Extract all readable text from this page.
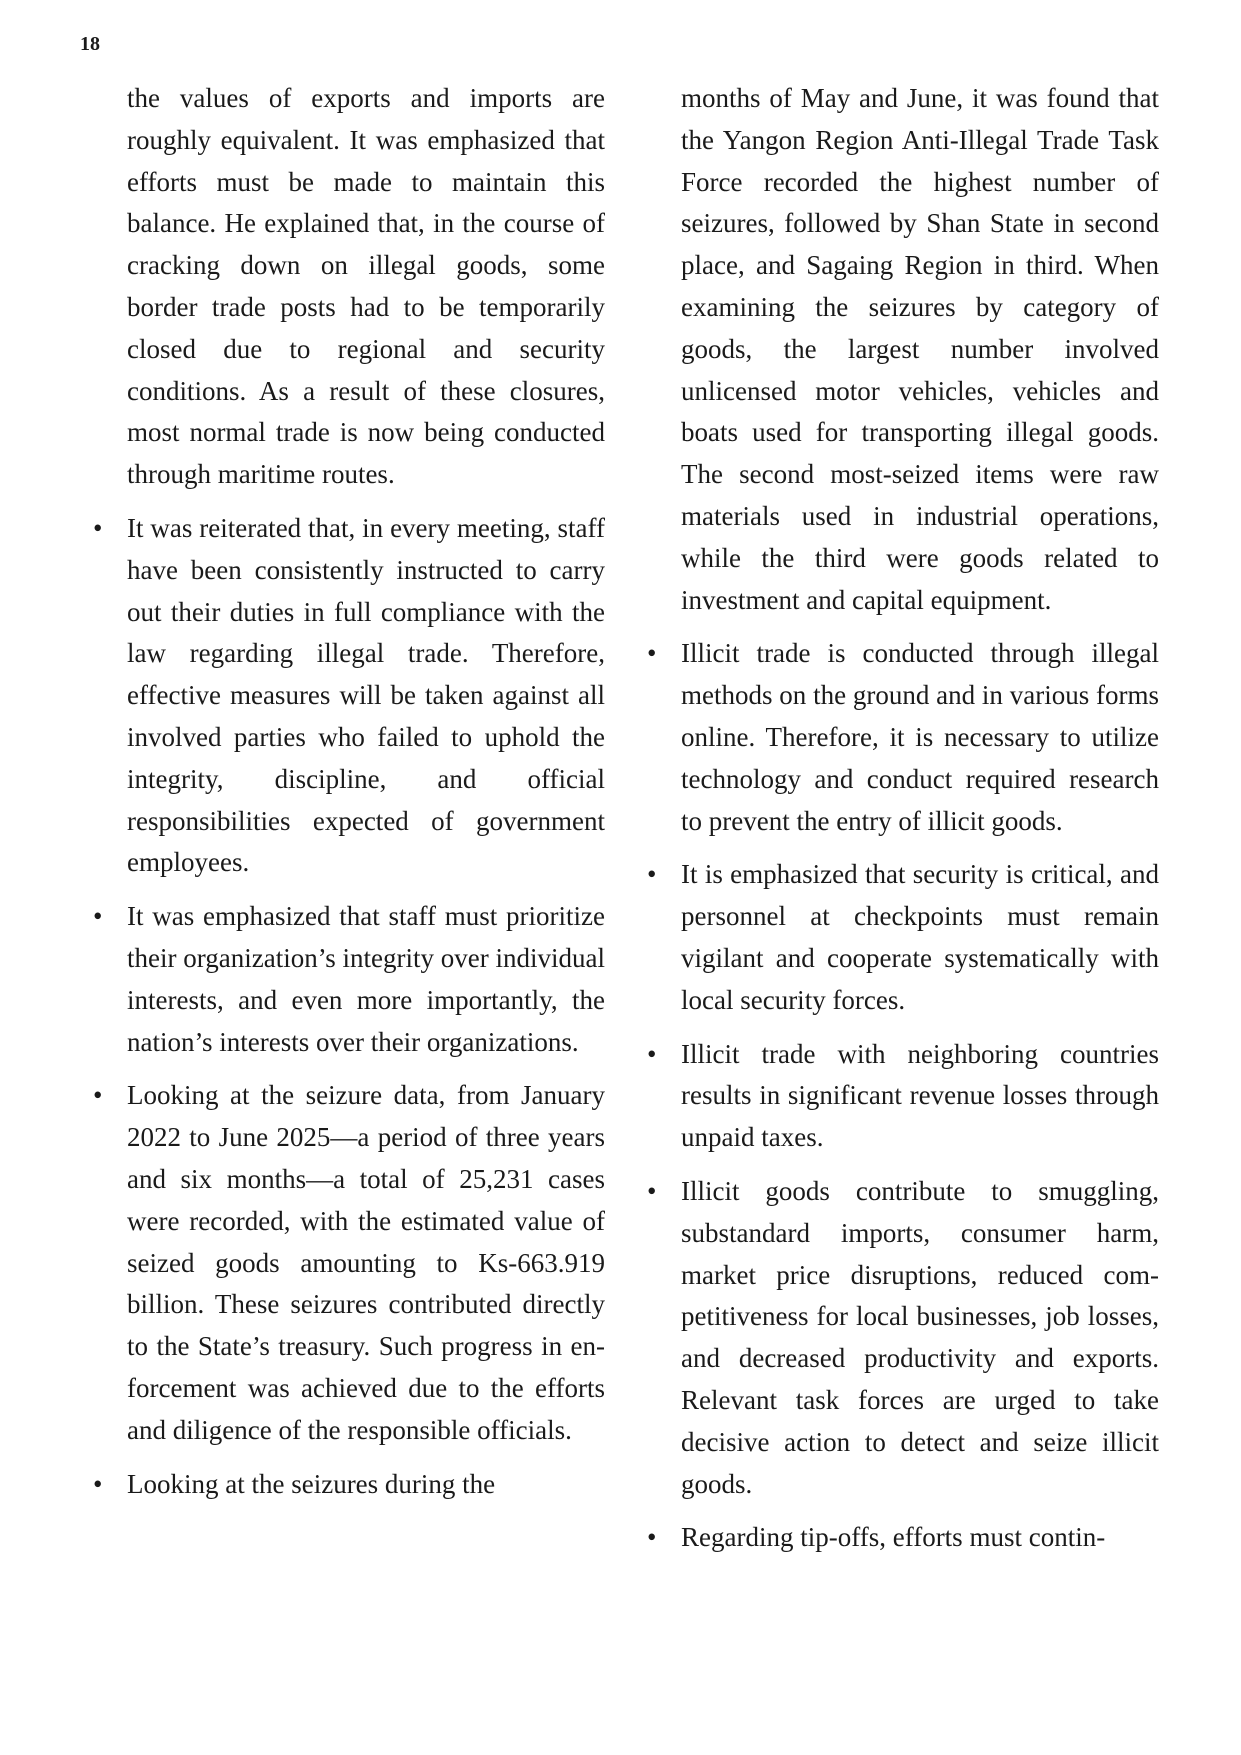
18

the values of exports and imports are roughly equivalent. It was emphasized that efforts must be made to maintain this balance. He explained that, in the course of cracking down on illegal goods, some border trade posts had to be temporarily closed due to regional and security conditions. As a result of these closures, most normal trade is now being conducted through maritime routes.

• It was reiterated that, in every meeting, staff have been consistently instructed to carry out their duties in full compliance with the law regarding illegal trade. Therefore, effective measures will be taken against all involved parties who failed to uphold the integrity, discipline, and official responsibilities expected of government employees.

• It was emphasized that staff must prioritize their organization’s integrity over individual interests, and even more importantly, the nation’s interests over their organizations.

• Looking at the seizure data, from January 2022 to June 2025—a period of three years and six months—a total of 25,231 cases were recorded, with the estimated value of seized goods amounting to Ks-663.919 billion. These seizures contributed directly to the State’s treasury. Such progress in enforcement was achieved due to the efforts and diligence of the responsible officials.

• Looking at the seizures during the

months of May and June, it was found that the Yangon Region Anti-Illegal Trade Task Force recorded the highest number of seizures, followed by Shan State in second place, and Sagaing Region in third. When examining the seizures by category of goods, the largest number involved unlicensed motor vehicles, vehicles and boats used for transporting illegal goods. The second most-seized items were raw materials used in industrial operations, while the third were goods related to investment and capital equipment.

• Illicit trade is conducted through illegal methods on the ground and in various forms online. Therefore, it is necessary to utilize technology and conduct required research to prevent the entry of illicit goods.

• It is emphasized that security is critical, and personnel at checkpoints must remain vigilant and cooperate systematically with local security forces.

• Illicit trade with neighboring countries results in significant revenue losses through unpaid taxes.

• Illicit goods contribute to smuggling, substandard imports, consumer harm, market price disruptions, reduced competitiveness for local businesses, job losses, and decreased productivity and exports. Relevant task forces are urged to take decisive action to detect and seize illicit goods.

• Regarding tip-offs, efforts must contin-
